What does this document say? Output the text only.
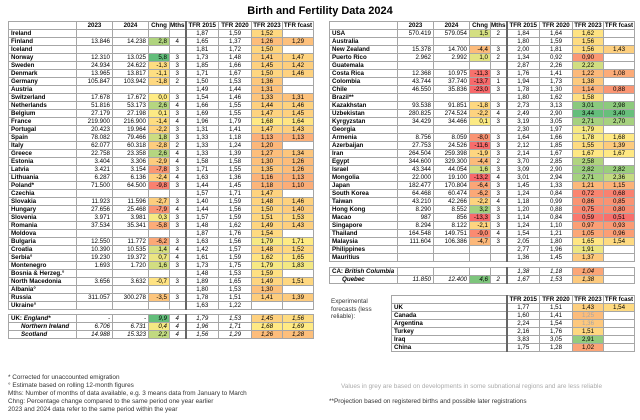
Birth and Fertility Data 2024
	2023	2024	Chng	Mths	TFR 2015	TFR 2020	TFR 2023	TFR fcast
Ireland					1,87	1,59	1,52	
Finland	13.846	14.238	2,8	4	1,65	1,37	1,26	1,29
Iceland					1,81	1,72	1,50	
Norway	12.310	13.025	5,8	3	1,73	1,48	1,41	1,47
Sweden	24.934	24.622	-1,3	3	1,85	1,66	1,45	1,42
Denmark	13.965	13.817	-1,1	3	1,71	1,67	1,50	1,46
Germany	105.847	103.942	-1,8	2	1,50	1,53	1,36	
Austria					1,49	1,44	1,31	
Switzerland	17.678	17.672	0,0	3	1,54	1,46	1,33	1,31
Netherlands	51.816	53.173	2,6	4	1,66	1,55	1,44	1,46
Belgium	27.179	27.198	0,1	3	1,69	1,55	1,47	1,45
France	219.900	216.900	-1,4	4	1,96	1,79	1,68	1,64
Portugal	20.423	19.964	-2,2	3	1,31	1,41	1,47	1,43
Spain	78.082	79.466	1,8	3	1,33	1,18	1,13	1,13
Italy	62.077	60.318	-2,8	2	1,33	1,24	1,20	
Greece	22.758	23.358	2,6	4	1,33	1,39	1,27	1,34
Estonia	3.404	3.306	-2,9	4	1,58	1,58	1,30	1,26
Latvia	3.421	3.154	-7,8	3	1,71	1,55	1,35	1,26
Lithuania	6.287	6.136	-2,4	4	1,63	1,36	1,16	1,13
Poland*	71.500	64.500	-9,8	3	1,44	1,45	1,18	1,10
Czechia					1,57	1,71	1,47	
Slovakia	11.923	11.596	-2,7	3	1,40	1,59	1,48	1,46
Hungary	27.656	25.468	-7,9	4	1,44	1,56	1,50	1,40
Slovenia	3.971	3.981	0,3	3	1,57	1,59	1,51	1,53
Romania	37.534	35.341	-5,8	3	1,48	1,62	1,49	1,43
Moldova					1,87	1,76	1,54	
Bulgaria	12.550	11.772	-6,2	3	1,63	1,56	1,79	1,71
Croatia	10.390	10.535	1,4	4	1,42	1,57	1,48	1,52
Serbia°	19.230	19.372	0,7	4	1,61	1,59	1,62	1,65
Montenegro	1.693	1.720	1,6	3	1,73	1,75	1,79	1,83
Bosnia & Herzeg.°					1,48	1,53	1,59	
North Macedonia	3.656	3.632	-0,7	3	1,89	1,65	1,49	1,51
Albania°					1,80	1,53	1,30	
Russia	311.057	300.278	-3,5	3	1,78	1,51	1,41	1,39
Ukraine°					1,63	1,22		
UK: England*	-	-	9,9	4	1,79	1,53	1,45	1,56
Northern Ireland	6.706	6.731	0,4	4	1,96	1,71	1,68	1,69
Scotland	14.988	15.323	2,2	4	1,56	1,29	1,26	1,28
	2023	2024	Chng	Mths	TFR 2015	TFR 2020	TFR 2023	TFR fcast
USA	570.419	579.054	1,5	2	1,84	1,64	1,62	
Australia					1,80	1,59	1,56	
New Zealand	15.378	14.700	-4,4	3	2,00	1,81	1,56	1,43
Puerto Rico	2.962	2.992	1,0	2	1,34	0,92	0,90	
Guatemala					2,87	2,26	2,22	
Costa Rica	12.368	10.975	-11,3	3	1,76	1,41	1,22	1,08
Colombia	43.744	37.740	-13,7	1	1,94	1,73	1,38	
Chile	46.550	35.836	-23,0	3	1,78	1,30	1,14	0,88
Brazil**					1,80	1,62	1,58	
Kazakhstan	93.538	91.851	-1,8	3	2,73	3,13	3,01	2,98
Uzbekistan	280.825	274.524	-2,2	4	2,49	2,90	3,44	3,40
Kyrgyzstan	34.429	34.466	0,1	3	3,19	3,05	2,71	2,70
Georgia					2,30	1,97	1,79	
Armenia	8.756	8.059	-8,0	3	1,64	1,66	1,78	1,68
Azerbaijan	27.753	24.526	-11,6	3	2,12	1,85	1,55	1,39
Iran	264.504	259.398	-1,9	3	2,14	1,67	1,67	1,67
Egypt	344.600	329.300	-4,4	2	3,70	2,85	2,58	
Israel	43.344	44.054	1,6	3	3,09	2,90	2,82	2,82
Mongolia	22.000	19.100	-13,2	4	3,01	2,94	2,71	2,36
Japan	182.477	170.804	-6,4	3	1,45	1,33	1,21	1,15
South Korea	64.468	60.474	-6,2	3	1,24	0,84	0,72	0,68
Taiwan	43.210	42.266	-2,2	4	1,18	0,99	0,86	0,85
Hong Kong	8.290	8.552	3,2	3	1,20	0,88	0,75	0,80
Macao	987	856	-13,3	3	1,14	0,84	0,59	0,51
Singapore	8.294	8.122	-2,1	3	1,24	1,10	0,97	0,93
Thailand	164.548	149.751	-9,0	4	1,54	1,21	1,05	0,96
Malaysia	111.604	106.386	-4,7	3	2,05	1,80	1,65	1,54
Philippines					2,77	1,96	1,91	
Mauritius					1,36	1,45	1,37	
CA: British Columbia					1,38	1,18	1,04	
Quebec	11.850	12.400	4,6	2	1,67	1,53	1,38	
Experimental forecasts (less reliable):
	TFR 2015	TFR 2020	TFR 2023	TFR fcast
UK	1,77	1,51	1,43	1,54
Canada	1,60	1,41	1,25	
Argentina	2,24	1,54	1,36	
Turkey	2,16	1,76	1,51	
Iraq	3,83	3,05	2,91	
China	1,75	1,28	1,02	
* Corrected for unaccounted emigration
° Estimate based on rolling 12-month figures
Mths: Number of months of data available, e.g. 3 means data from January to March
Chng: Percentage change compared to the same period one year earlier
2023 and 2024 data refer to the same period within the year
Values in grey are based on developments in some subnational regions and are less reliable
**Projection based on registered births and possible later registrations
